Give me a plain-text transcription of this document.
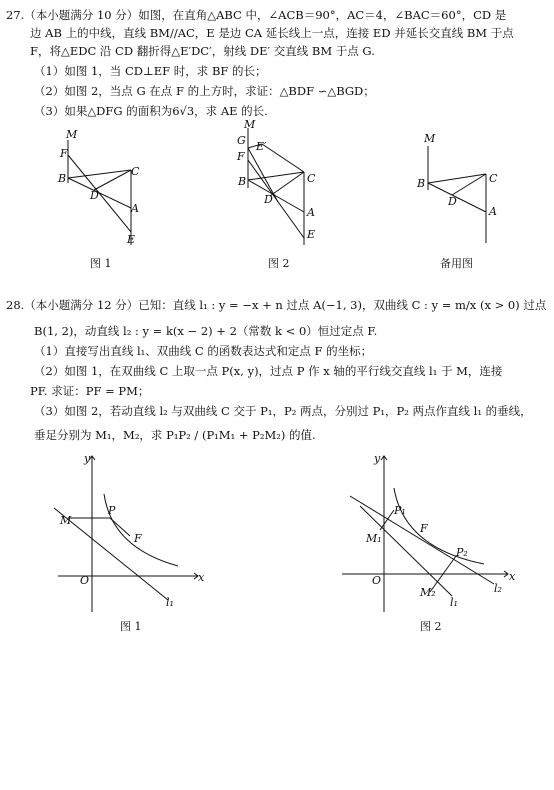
27.（本小题满分 10 分）如图，在直角△ABC 中，∠ACB＝90°，AC＝4，∠BAC＝60°，CD 是
边 AB 上的中线，直线 BM//AC，E 是边 CA 延长线上一点，连接 ED 并延长交直线 BM 于点
F，将△EDC 沿 CD 翻折得△E′DC′，射线 DE′ 交直线 BM 于点 G.
（1）如图 1，当 CD⊥EF 时，求 BF 的长；
（2）如图 2，当点 G 在点 F 的上方时，求证：△BDF ∽△BGD；
（3）如果△DFG 的面积为6√3，求 AE 的长.
M
F
B
D
C
A
E
M
G E′
F
B
D
C
A
E
M
B
D
C
A
图 1	图 2	备用图
28.（本小题满分 12 分）已知：直线 l₁ : y = −x + n 过点 A(−1, 3)，双曲线 C : y = m/x (x > 0) 过点
B(1, 2)，动直线 l₂ : y = k(x − 2) + 2（常数 k < 0）恒过定点 F.
（1）直接写出直线 l₁、双曲线 C 的函数表达式和定点 F 的坐标；
（2）如图 1，在双曲线 C 上取一点 P(x, y)，过点 P 作 x 轴的平行线交直线 l₁ 于 M，连接
PF. 求证：PF = PM；
（3）如图 2，若动直线 l₂ 与双曲线 C 交于 P₁，P₂ 两点，分别过 P₁，P₂ 两点作直线 l₁ 的垂线，
垂足分别为 M₁，M₂，求 P₁P₂ / (P₁M₁ + P₂M₂) 的值.
y
x
O
M
P
F
l₁
y
x
O
P₁
F
M₁
P₂
M₂
l₁
l₂
图 1	图 2
